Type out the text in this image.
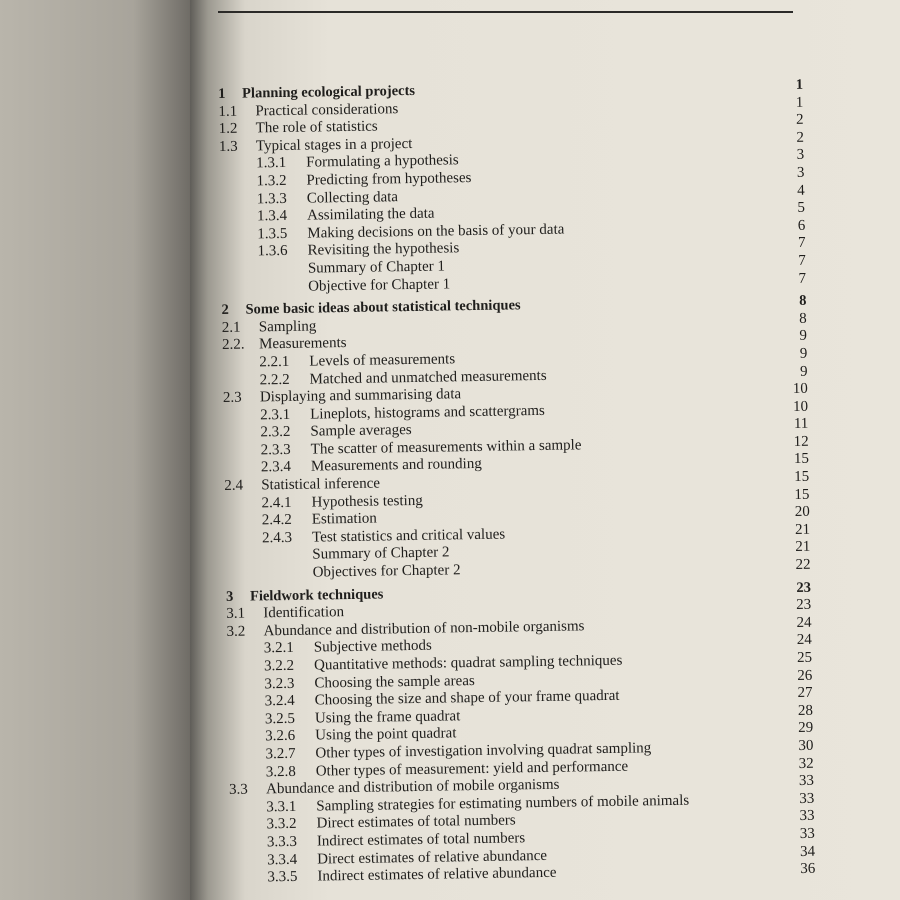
1 Planning ecological projects	1
1.1 Practical considerations	1
1.2 The role of statistics	2
1.3 Typical stages in a project	2
1.3.1 Formulating a hypothesis	3
1.3.2 Predicting from hypotheses	3
1.3.3 Collecting data	4
1.3.4 Assimilating the data	5
1.3.5 Making decisions on the basis of your data	6
1.3.6 Revisiting the hypothesis	7
Summary of Chapter 1	7
Objective for Chapter 1	7
2 Some basic ideas about statistical techniques	8
2.1 Sampling	8
2.2. Measurements	9
2.2.1 Levels of measurements	9
2.2.2 Matched and unmatched measurements	9
2.3 Displaying and summarising data	10
2.3.1 Lineplots, histograms and scattergrams	10
2.3.2 Sample averages	11
2.3.3 The scatter of measurements within a sample	12
2.3.4 Measurements and rounding	15
2.4 Statistical inference	15
2.4.1 Hypothesis testing	15
2.4.2 Estimation	20
2.4.3 Test statistics and critical values	21
Summary of Chapter 2	21
Objectives for Chapter 2	22
3 Fieldwork techniques	23
3.1 Identification	23
3.2 Abundance and distribution of non-mobile organisms	24
3.2.1 Subjective methods	24
3.2.2 Quantitative methods: quadrat sampling techniques	25
3.2.3 Choosing the sample areas	26
3.2.4 Choosing the size and shape of your frame quadrat	27
3.2.5 Using the frame quadrat	28
3.2.6 Using the point quadrat	29
3.2.7 Other types of investigation involving quadrat sampling	30
3.2.8 Other types of measurement: yield and performance	32
3.3 Abundance and distribution of mobile organisms	33
3.3.1 Sampling strategies for estimating numbers of mobile animals	33
3.3.2 Direct estimates of total numbers	33
3.3.3 Indirect estimates of total numbers	33
3.3.4 Direct estimates of relative abundance	34
3.3.5 Indirect estimates of relative abundance	36
